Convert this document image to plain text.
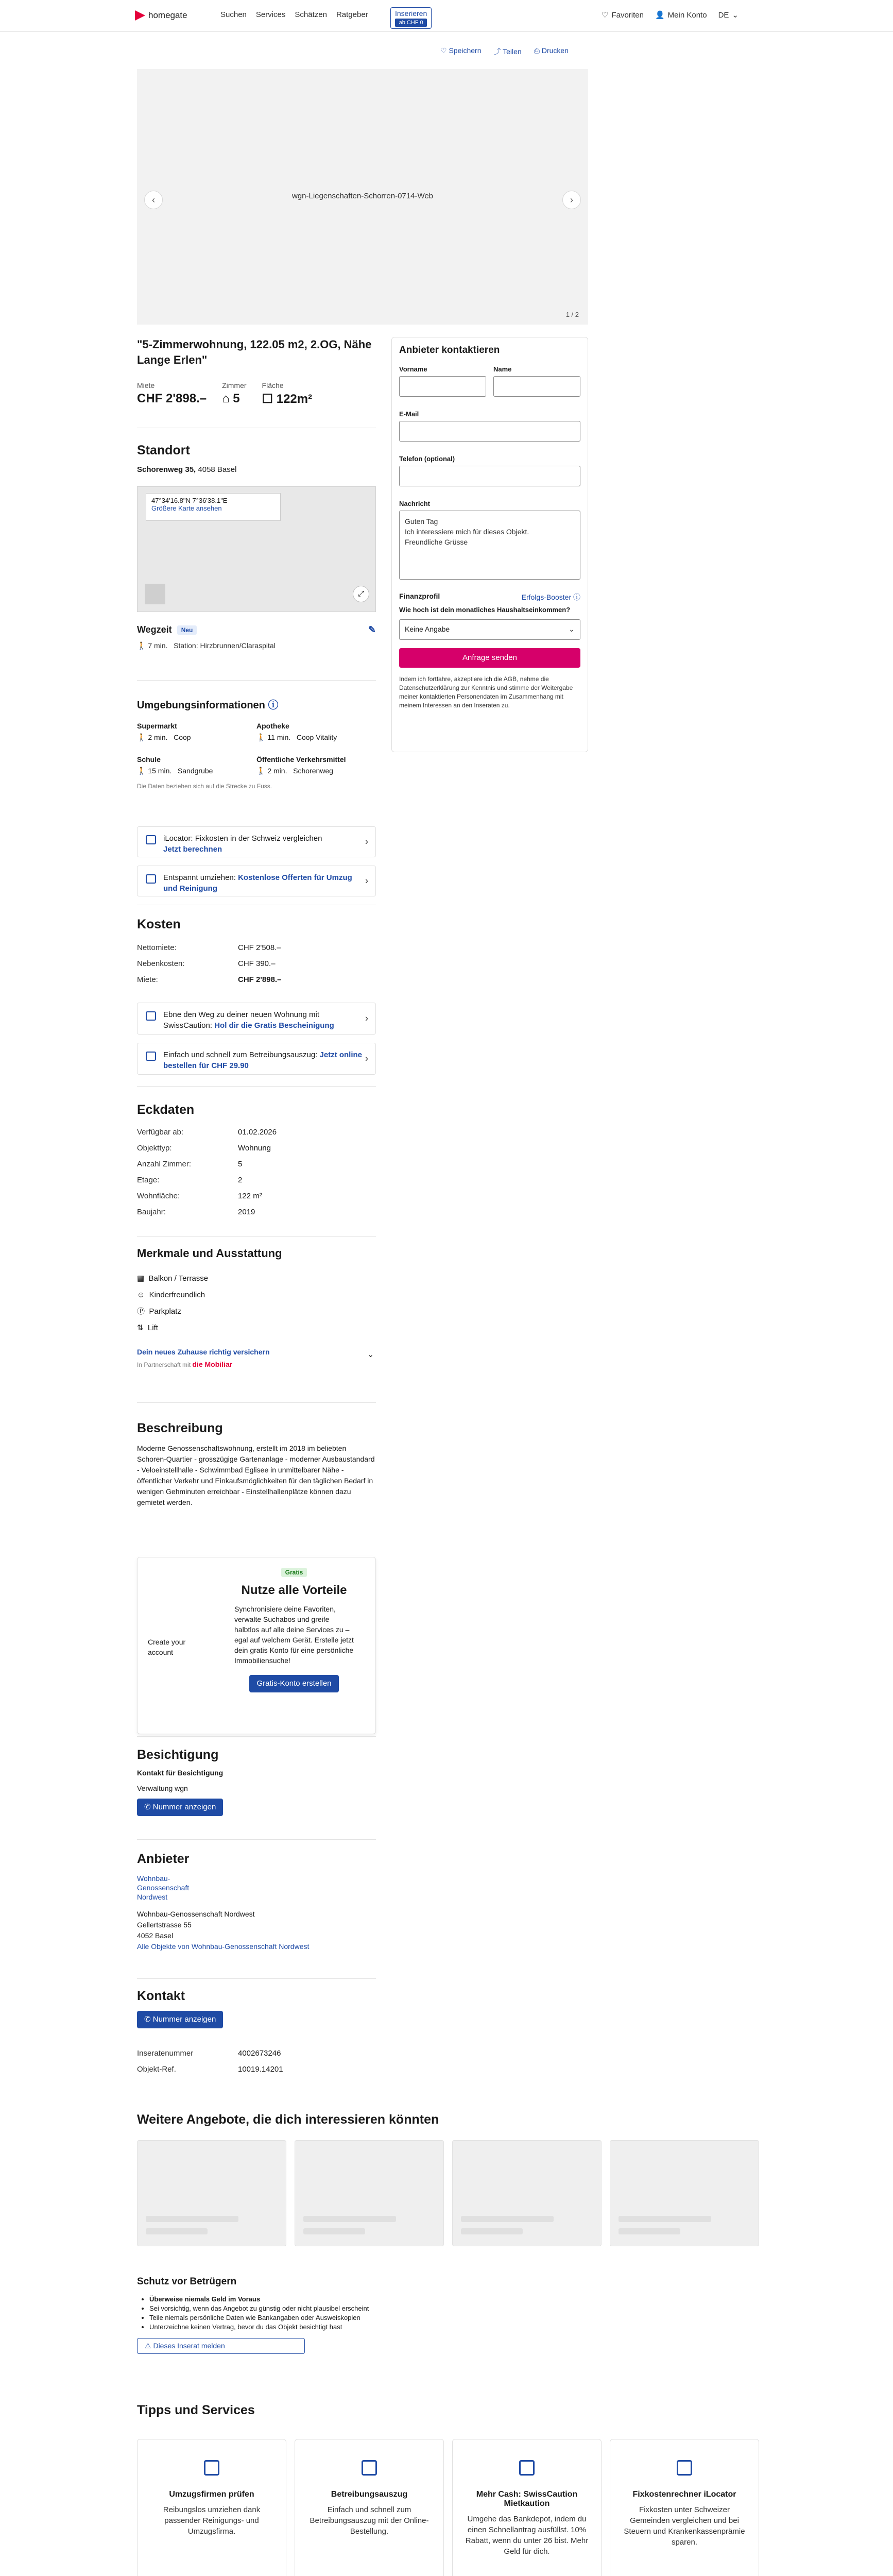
homegate	Suchen Services Schätzen Ratgeber	Inserieren
ab CHF 0
♡ Favoriten 👤 Mein Konto DE ⌄
♡ Speichern ⤴ Teilen ⎙ Drucken
wgn-Liegenschaften-Schorren-0714-Web
‹	›
1 / 2
"5-Zimmerwohnung, 122.05 m2, 2.OG, Nähe Lange Erlen"
Miete
CHF 2'898.–
Zimmer
⌂ 5
Fläche
☐ 122m²
Anbieter kontaktieren
Vorname	Name
E-Mail
Telefon (optional)
Nachricht
Guten Tag
Ich interessiere mich für dieses Objekt.
Freundliche Grüsse
Finanzprofil	Erfolgs-Booster ⓘ
Wie hoch ist dein monatliches Haushaltseinkommen?
Keine Angabe	⌄
Anfrage senden
Indem ich fortfahre, akzeptiere ich die AGB, nehme die Datenschutzerklärung zur Kenntnis und stimme der Weitergabe meiner kontaktierten Personendaten im Zusammenhang mit meinem Interessen an den Inseraten zu.
Standort
Schorenweg 35, 4058 Basel
47°34'16.8"N 7°36'38.1"E
Größere Karte ansehen
⤢
Wegzeit	Neu	✎
🚶 7 min. Station: Hirzbrunnen/Claraspital
Umgebungsinformationen ⓘ
Supermarkt
🚶 2 min. Coop
Apotheke
🚶 11 min. Coop Vitality
Schule
🚶 15 min. Sandgrube
Öffentliche Verkehrsmittel
🚶 2 min. Schorenweg
Die Daten beziehen sich auf die Strecke zu Fuss.
iLocator: Fixkosten in der Schweiz vergleichen
Jetzt berechnen
›
Entspannt umziehen: Kostenlose Offerten für Umzug und Reinigung
›
Kosten
Nettomiete:	CHF 2'508.–
Nebenkosten:	CHF 390.–
Miete:	CHF 2'898.–
Ebne den Weg zu deiner neuen Wohnung mit SwissCaution: Hol dir die Gratis Bescheinigung
›
Einfach und schnell zum Betreibungsauszug: Jetzt online bestellen für CHF 29.90
›
Eckdaten
Verfügbar ab:	01.02.2026
Objekttyp:	Wohnung
Anzahl Zimmer:	5
Etage:	2
Wohnfläche:	122 m²
Baujahr:	2019
Merkmale und Ausstattung
▦ Balkon / Terrasse
☺ Kinderfreundlich
Ⓟ Parkplatz
⇅ Lift
Dein neues Zuhause richtig versichern
In Partnerschaft mit die Mobiliar
⌄
Beschreibung
Moderne Genossenschaftswohnung, erstellt im 2018 im beliebten Schoren-Quartier - grosszügige Gartenanlage - moderner Ausbaustandard - Veloeinstellhalle - Schwimmbad Eglisee in unmittelbarer Nähe - öffentlicher Verkehr und Einkaufsmöglichkeiten für den täglichen Bedarf in wenigen Gehminuten erreichbar - Einstellhallenplätze können dazu gemietet werden.
Create your account
Gratis
Nutze alle Vorteile
Synchronisiere deine Favoriten, verwalte Suchabos und greife halbtlos auf alle deine Services zu – egal auf welchem Gerät. Erstelle jetzt dein gratis Konto für eine persönliche Immobiliensuche!
Gratis-Konto erstellen
Besichtigung
Kontakt für Besichtigung
Verwaltung wgn
✆ Nummer anzeigen
Anbieter
Wohnbau-Genossenschaft Nordwest
Wohnbau-Genossenschaft Nordwest
Gellertstrasse 55
4052 Basel
Alle Objekte von Wohnbau-Genossenschaft Nordwest
Kontakt
✆ Nummer anzeigen
Inseratenummer	4002673246
Objekt-Ref.	10019.14201
Weitere Angebote, die dich interessieren könnten
Schutz vor Betrügern
• Überweise niemals Geld im Voraus
• Sei vorsichtig, wenn das Angebot zu günstig oder nicht plausibel erscheint
• Teile niemals persönliche Daten wie Bankangaben oder Ausweiskopien
• Unterzeichne keinen Vertrag, bevor du das Objekt besichtigt hast
⚠ Dieses Inserat melden
Tipps und Services
Umzugsfirmen prüfen

Reibungslos umziehen dank passender Reinigungs- und Umzugsfirma.

Betreibungsauszug

Einfach und schnell zum Betreibungsauszug mit der Online-Bestellung.

Mehr Cash: SwissCaution Mietkaution

Umgehe das Bankdepot, indem du einen Schnellantrag ausfüllst. 10% Rabatt, wenn du unter 26 bist. Mehr Geld für dich.

Fixkostenrechner iLocator

Fixkosten unter Schweizer Gemeinden vergleichen und bei Steuern und Krankenkassenprämie sparen.
